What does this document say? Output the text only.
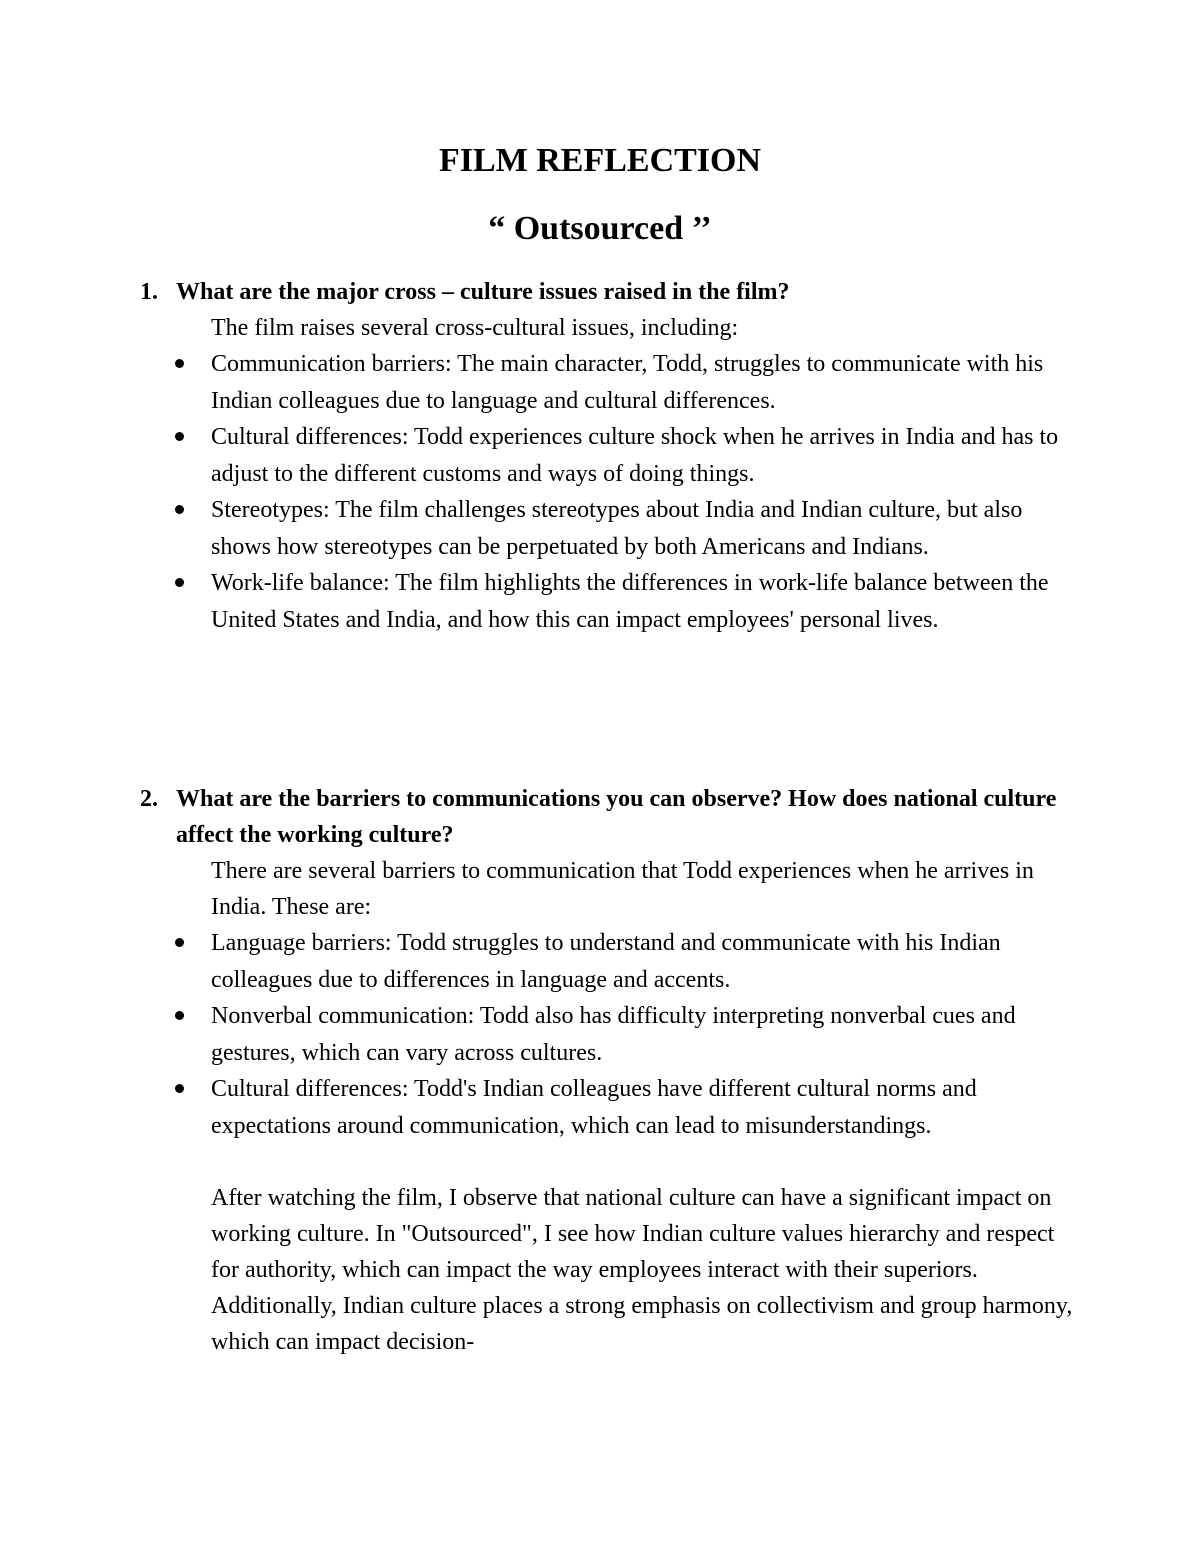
FILM REFLECTION
“ Outsourced ’’

1. What are the major cross – culture issues raised in the film?

The film raises several cross-cultural issues, including:

Communication barriers: The main character, Todd, struggles to communicate with his Indian colleagues due to language and cultural differences.
Cultural differences: Todd experiences culture shock when he arrives in India and has to adjust to the different customs and ways of doing things.
Stereotypes: The film challenges stereotypes about India and Indian culture, but also shows how stereotypes can be perpetuated by both Americans and Indians.
Work-life balance: The film highlights the differences in work-life balance between the United States and India, and how this can impact employees' personal lives.

2. What are the barriers to communications you can observe? How does national culture affect the working culture?

There are several barriers to communication that Todd experiences when he arrives in India. These are:

Language barriers: Todd struggles to understand and communicate with his Indian colleagues due to differences in language and accents.
Nonverbal communication: Todd also has difficulty interpreting nonverbal cues and gestures, which can vary across cultures.
Cultural differences: Todd's Indian colleagues have different cultural norms and expectations around communication, which can lead to misunderstandings.

After watching the film, I observe that national culture can have a significant impact on working culture. In "Outsourced", I see how Indian culture values hierarchy and respect for authority, which can impact the way employees interact with their superiors. Additionally, Indian culture places a strong emphasis on collectivism and group harmony, which can impact decision-
